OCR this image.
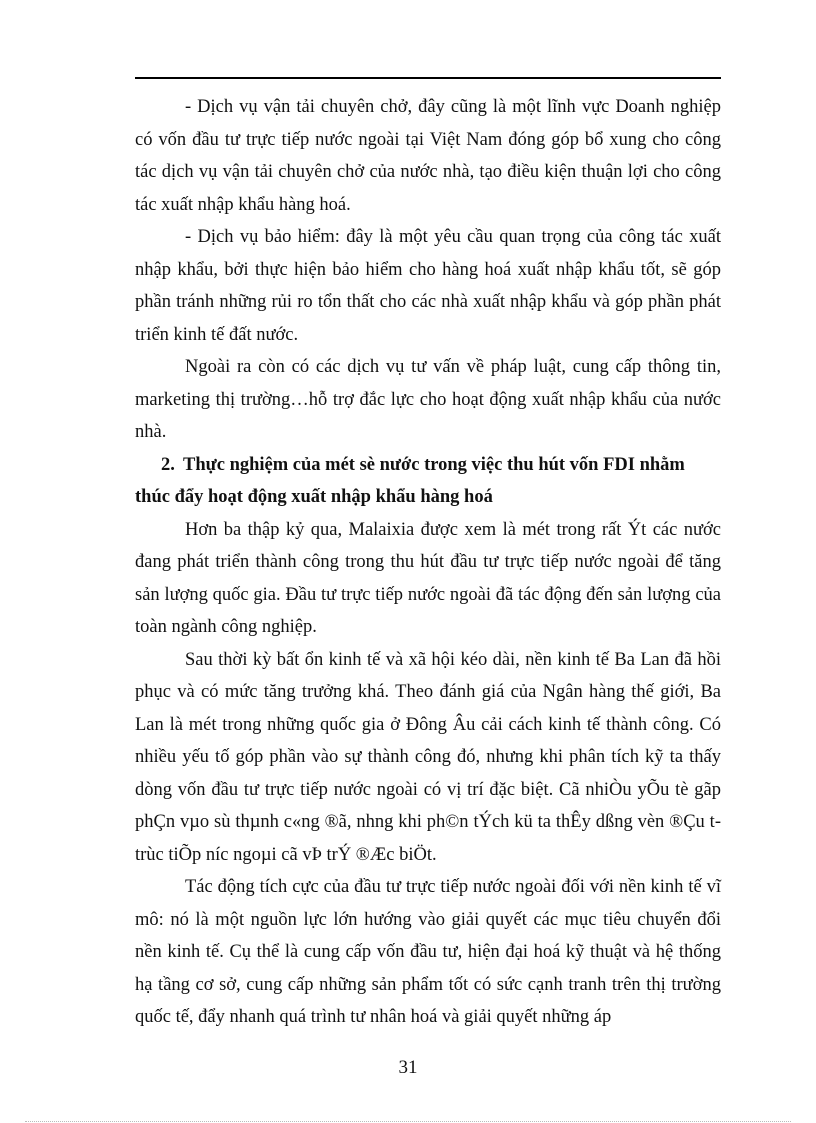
- Dịch vụ vận tải chuyên chở, đây cũng là một lĩnh vực Doanh nghiệp có vốn đầu tư trực tiếp nước ngoài tại Việt Nam đóng góp bổ xung cho công tác dịch vụ vận tải chuyên chở của nước nhà, tạo điều kiện thuận lợi cho công tác xuất nhập khẩu hàng hoá.

- Dịch vụ bảo hiểm: đây là một yêu cầu quan trọng của công tác xuất nhập khẩu, bởi thực hiện bảo hiểm cho hàng hoá xuất nhập khẩu tốt, sẽ góp phần tránh những rủi ro tổn thất cho các nhà xuất nhập khẩu và góp phần phát triển kinh tế đất nước.

Ngoài ra còn có các dịch vụ tư vấn về pháp luật, cung cấp thông tin, marketing thị trường…hỗ trợ đắc lực cho hoạt động xuất nhập khẩu của nước nhà.

2. Thực nghiệm của mét sè nước trong việc thu hút vốn FDI nhằm

thúc đẩy hoạt động xuất nhập khẩu hàng hoá

Hơn ba thập kỷ qua, Malaixia được xem là mét trong rất Ýt các nước đang phát triển thành công trong thu hút đầu tư trực tiếp nước ngoài để tăng sản lượng quốc gia. Đầu tư trực tiếp nước ngoài đã tác động đến sản lượng của toàn ngành công nghiệp.

Sau thời kỳ bất ổn kinh tế và xã hội kéo dài, nền kinh tế Ba Lan đã hồi phục và có mức tăng trưởng khá. Theo đánh giá của Ngân hàng thế giới, Ba Lan là mét trong những quốc gia ở Đông Âu cải cách kinh tế thành công. Có nhiều yếu tố góp phần vào sự thành công đó, nhưng khi phân tích kỹ ta thấy dòng vốn đầu tư trực tiếp nước ngoài có vị trí đặc biệt. Cã nhiÒu yÕu tè gãp phÇn vµo sù thµnh c«ng ®ã, nhng khi ph©n tÝch kü ta thÊy dßng vèn ®Çu t trùc tiÕp níc ngoµi cã vÞ trÝ ®Æc biÖt.

Tác động tích cực của đầu tư trực tiếp nước ngoài đối với nền kinh tế vĩ mô: nó là một nguồn lực lớn hướng vào giải quyết các mục tiêu chuyển đổi nền kinh tế. Cụ thể là cung cấp vốn đầu tư, hiện đại hoá kỹ thuật và hệ thống hạ tầng cơ sở, cung cấp những sản phẩm tốt có sức cạnh tranh trên thị trường quốc tế, đẩy nhanh quá trình tư nhân hoá và giải quyết những áp

31
